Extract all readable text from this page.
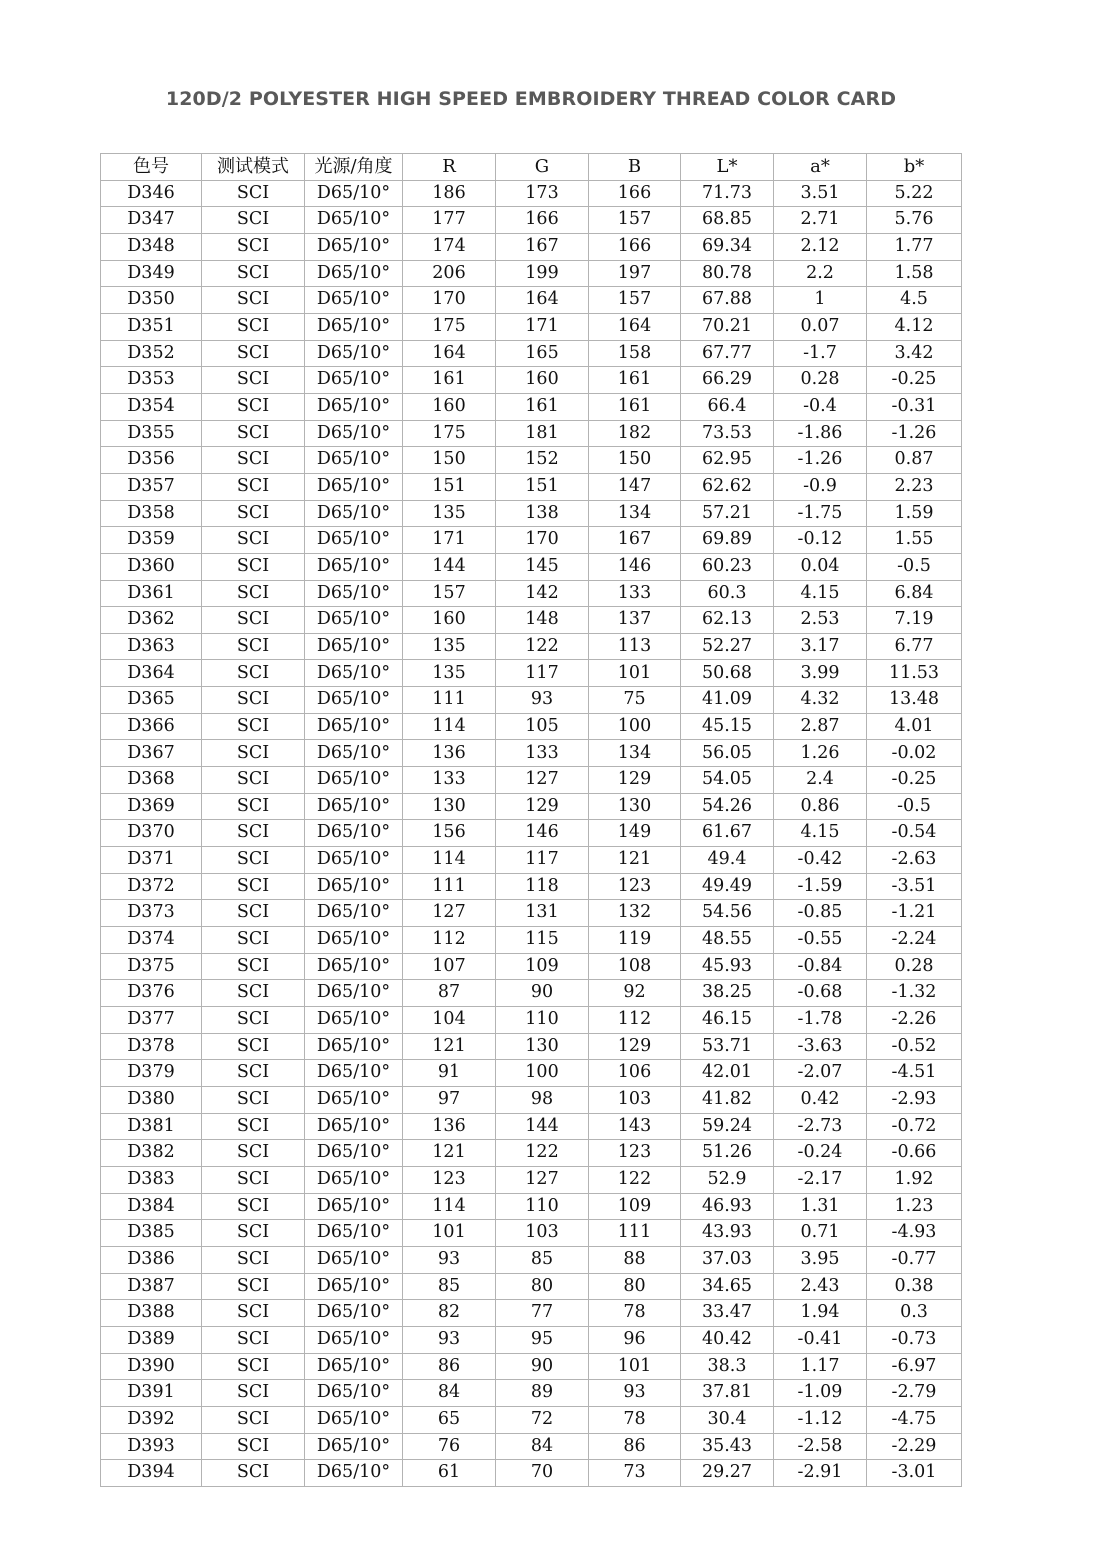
120D/2 POLYESTER HIGH SPEED EMBROIDERY THREAD COLOR CARD
色号	测试模式	光源/角度	R	G	B	L*	a*	b*
D346	SCI	D65/10°	186	173	166	71.73	3.51	5.22
D347	SCI	D65/10°	177	166	157	68.85	2.71	5.76
D348	SCI	D65/10°	174	167	166	69.34	2.12	1.77
D349	SCI	D65/10°	206	199	197	80.78	2.2	1.58
D350	SCI	D65/10°	170	164	157	67.88	1	4.5
D351	SCI	D65/10°	175	171	164	70.21	0.07	4.12
D352	SCI	D65/10°	164	165	158	67.77	-1.7	3.42
D353	SCI	D65/10°	161	160	161	66.29	0.28	-0.25
D354	SCI	D65/10°	160	161	161	66.4	-0.4	-0.31
D355	SCI	D65/10°	175	181	182	73.53	-1.86	-1.26
D356	SCI	D65/10°	150	152	150	62.95	-1.26	0.87
D357	SCI	D65/10°	151	151	147	62.62	-0.9	2.23
D358	SCI	D65/10°	135	138	134	57.21	-1.75	1.59
D359	SCI	D65/10°	171	170	167	69.89	-0.12	1.55
D360	SCI	D65/10°	144	145	146	60.23	0.04	-0.5
D361	SCI	D65/10°	157	142	133	60.3	4.15	6.84
D362	SCI	D65/10°	160	148	137	62.13	2.53	7.19
D363	SCI	D65/10°	135	122	113	52.27	3.17	6.77
D364	SCI	D65/10°	135	117	101	50.68	3.99	11.53
D365	SCI	D65/10°	111	93	75	41.09	4.32	13.48
D366	SCI	D65/10°	114	105	100	45.15	2.87	4.01
D367	SCI	D65/10°	136	133	134	56.05	1.26	-0.02
D368	SCI	D65/10°	133	127	129	54.05	2.4	-0.25
D369	SCI	D65/10°	130	129	130	54.26	0.86	-0.5
D370	SCI	D65/10°	156	146	149	61.67	4.15	-0.54
D371	SCI	D65/10°	114	117	121	49.4	-0.42	-2.63
D372	SCI	D65/10°	111	118	123	49.49	-1.59	-3.51
D373	SCI	D65/10°	127	131	132	54.56	-0.85	-1.21
D374	SCI	D65/10°	112	115	119	48.55	-0.55	-2.24
D375	SCI	D65/10°	107	109	108	45.93	-0.84	0.28
D376	SCI	D65/10°	87	90	92	38.25	-0.68	-1.32
D377	SCI	D65/10°	104	110	112	46.15	-1.78	-2.26
D378	SCI	D65/10°	121	130	129	53.71	-3.63	-0.52
D379	SCI	D65/10°	91	100	106	42.01	-2.07	-4.51
D380	SCI	D65/10°	97	98	103	41.82	0.42	-2.93
D381	SCI	D65/10°	136	144	143	59.24	-2.73	-0.72
D382	SCI	D65/10°	121	122	123	51.26	-0.24	-0.66
D383	SCI	D65/10°	123	127	122	52.9	-2.17	1.92
D384	SCI	D65/10°	114	110	109	46.93	1.31	1.23
D385	SCI	D65/10°	101	103	111	43.93	0.71	-4.93
D386	SCI	D65/10°	93	85	88	37.03	3.95	-0.77
D387	SCI	D65/10°	85	80	80	34.65	2.43	0.38
D388	SCI	D65/10°	82	77	78	33.47	1.94	0.3
D389	SCI	D65/10°	93	95	96	40.42	-0.41	-0.73
D390	SCI	D65/10°	86	90	101	38.3	1.17	-6.97
D391	SCI	D65/10°	84	89	93	37.81	-1.09	-2.79
D392	SCI	D65/10°	65	72	78	30.4	-1.12	-4.75
D393	SCI	D65/10°	76	84	86	35.43	-2.58	-2.29
D394	SCI	D65/10°	61	70	73	29.27	-2.91	-3.01
